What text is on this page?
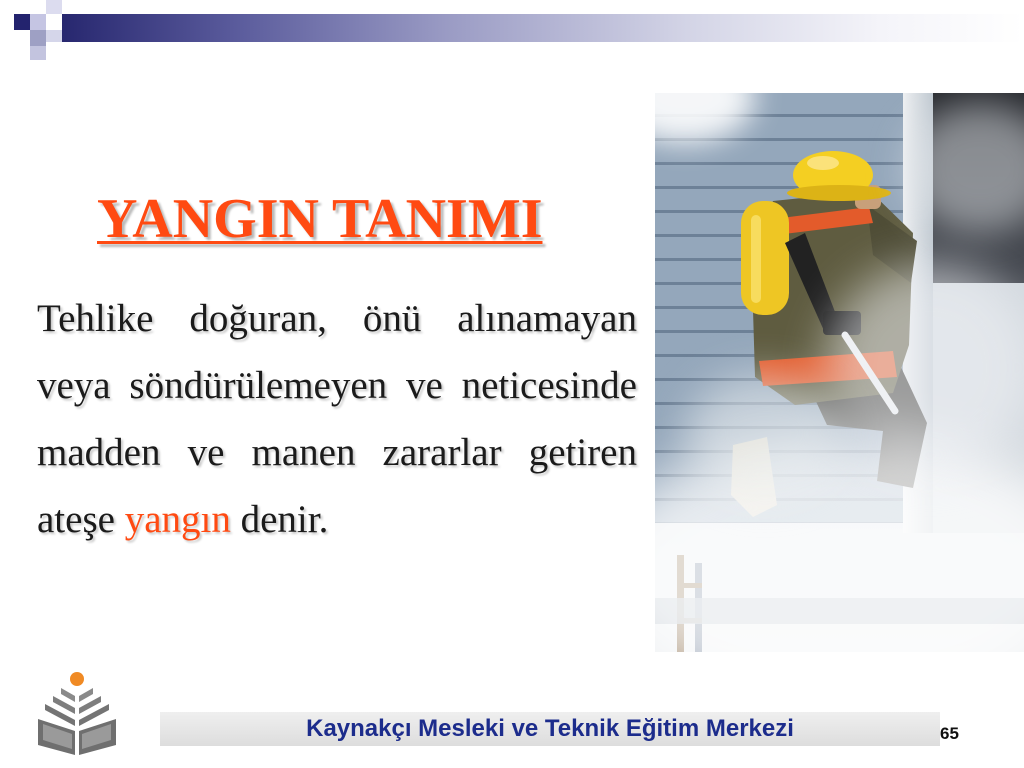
YANGIN TANIMI
Tehlike doğuran, önü alınamayan
veya söndürülemeyen ve neticesinde
madden ve manen zararlar getiren
ateşe yangın denir.
Kaynakçı Mesleki ve Teknik Eğitim Merkezi	65
